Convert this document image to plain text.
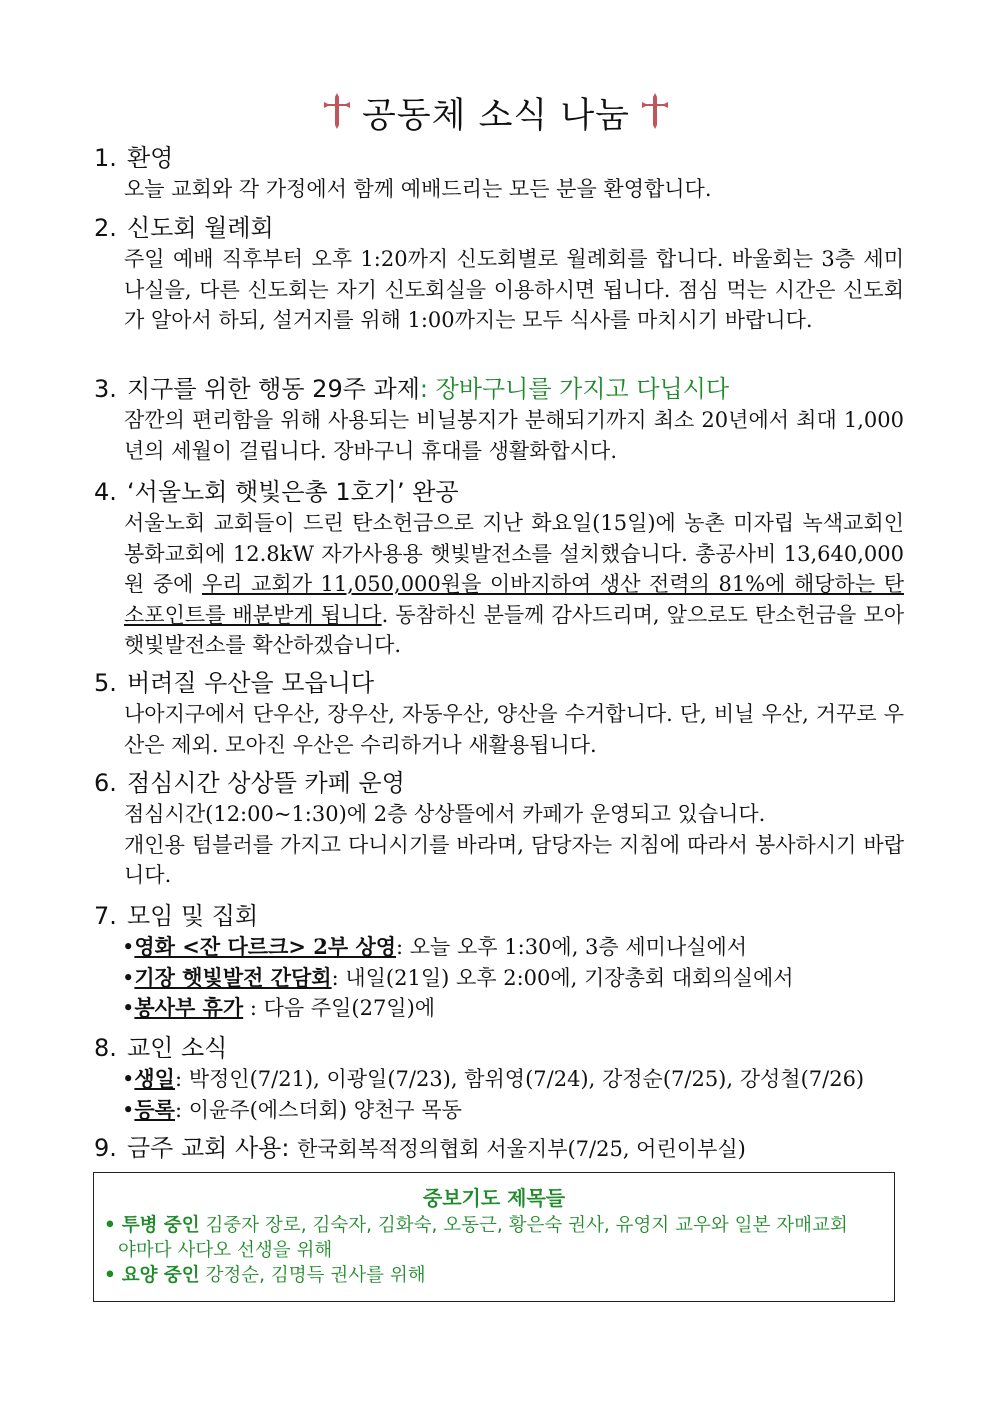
공동체 소식 나눔
1. 환영
오늘 교회와 각 가정에서 함께 예배드리는 모든 분을 환영합니다.
2. 신도회 월례회
주일 예배 직후부터 오후 1:20까지 신도회별로 월례회를 합니다. 바울회는 3층 세미나실을, 다른 신도회는 자기 신도회실을 이용하시면 됩니다. 점심 먹는 시간은 신도회가 알아서 하되, 설거지를 위해 1:00까지는 모두 식사를 마치시기 바랍니다.
3. 지구를 위한 행동 29주 과제: 장바구니를 가지고 다닙시다
잠깐의 편리함을 위해 사용되는 비닐봉지가 분해되기까지 최소 20년에서 최대 1,000년의 세월이 걸립니다. 장바구니 휴대를 생활화합시다.
4. ‘서울노회 햇빛은총 1호기’ 완공
서울노회 교회들이 드린 탄소헌금으로 지난 화요일(15일)에 농촌 미자립 녹색교회인 봉화교회에 12.8kW 자가사용용 햇빛발전소를 설치했습니다. 총공사비 13,640,000원 중에 우리 교회가 11,050,000원을 이바지하여 생산 전력의 81%에 해당하는 탄소포인트를 배분받게 됩니다. 동참하신 분들께 감사드리며, 앞으로도 탄소헌금을 모아 햇빛발전소를 확산하겠습니다.
5. 버려질 우산을 모읍니다
나아지구에서 단우산, 장우산, 자동우산, 양산을 수거합니다. 단, 비닐 우산, 거꾸로 우산은 제외. 모아진 우산은 수리하거나 새활용됩니다.
6. 점심시간 상상뜰 카페 운영
점심시간(12:00~1:30)에 2층 상상뜰에서 카페가 운영되고 있습니다.
개인용 텀블러를 가지고 다니시기를 바라며, 담당자는 지침에 따라서 봉사하시기 바랍니다.
7. 모임 및 집회
•영화 <잔 다르크> 2부 상영: 오늘 오후 1:30에, 3층 세미나실에서
•기장 햇빛발전 간담회: 내일(21일) 오후 2:00에, 기장총회 대회의실에서
•봉사부 휴가 : 다음 주일(27일)에
8. 교인 소식
•생일: 박정인(7/21), 이광일(7/23), 함위영(7/24), 강정순(7/25), 강성철(7/26)
•등록: 이윤주(에스더회) 양천구 목동
9. 금주 교회 사용: 한국회복적정의협회 서울지부(7/25, 어린이부실)
중보기도 제목들
• 투병 중인 김중자 장로, 김숙자, 김화숙, 오동근, 황은숙 권사, 유영지 교우와 일본 자매교회
야마다 사다오 선생을 위해
• 요양 중인 강정순, 김명득 권사를 위해
